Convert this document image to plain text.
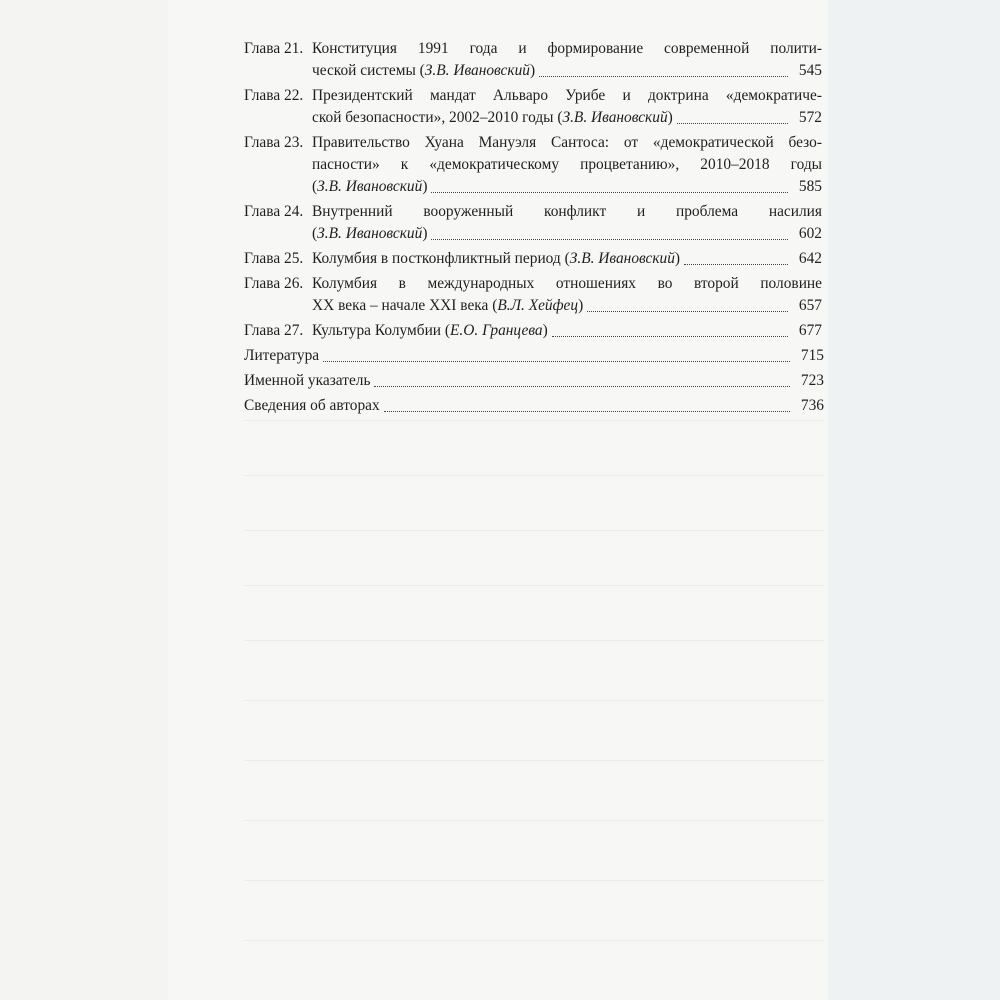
Глава 21. Конституция 1991 года и формирование современной полити-
ческой системы (З.В. Ивановский)	545
Глава 22. Президентский мандат Альваро Урибе и доктрина «демократиче-
ской безопасности», 2002–2010 годы (З.В. Ивановский)	572
Глава 23. Правительство Хуана Мануэля Сантоса: от «демократической безо-
пасности» к «демократическому процветанию», 2010–2018 годы
(З.В. Ивановский)	585
Глава 24. Внутренний вооруженный конфликт и проблема насилия
(З.В. Ивановский)	602
Глава 25. Колумбия в постконфликтный период (З.В. Ивановский)	642
Глава 26. Колумбия в международных отношениях во второй половине
XX века – начале XXI века (В.Л. Хейфец)	657
Глава 27. Культура Колумбии (Е.О. Гранцева)	677
Литература	715
Именной указатель	723
Сведения об авторах	736
